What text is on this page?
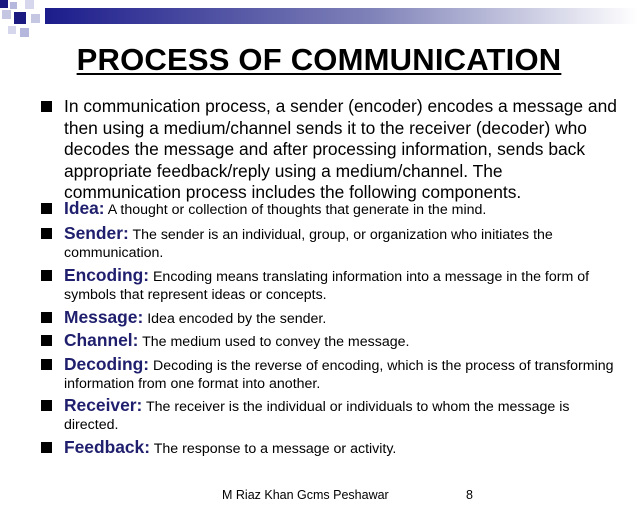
PROCESS OF COMMUNICATION
In communication process, a sender (encoder) encodes a message and then using a medium/channel sends it to the receiver (decoder) who decodes the message and after processing information, sends back appropriate feedback/reply using a medium/channel. The communication process includes the following components.
Idea: A thought or collection of thoughts that generate in the mind.
Sender: The sender is an individual, group, or organization who initiates the communication.
Encoding: Encoding means translating information into a message in the form of symbols that represent ideas or concepts.
Message: Idea encoded by the sender.
Channel: The medium used to convey the message.
Decoding: Decoding is the reverse of encoding, which is the process of transforming information from one format into another.
Receiver: The receiver is the individual or individuals to whom the message is directed.
Feedback: The response to a message or activity.
M Riaz Khan Gcms Peshawar	8
